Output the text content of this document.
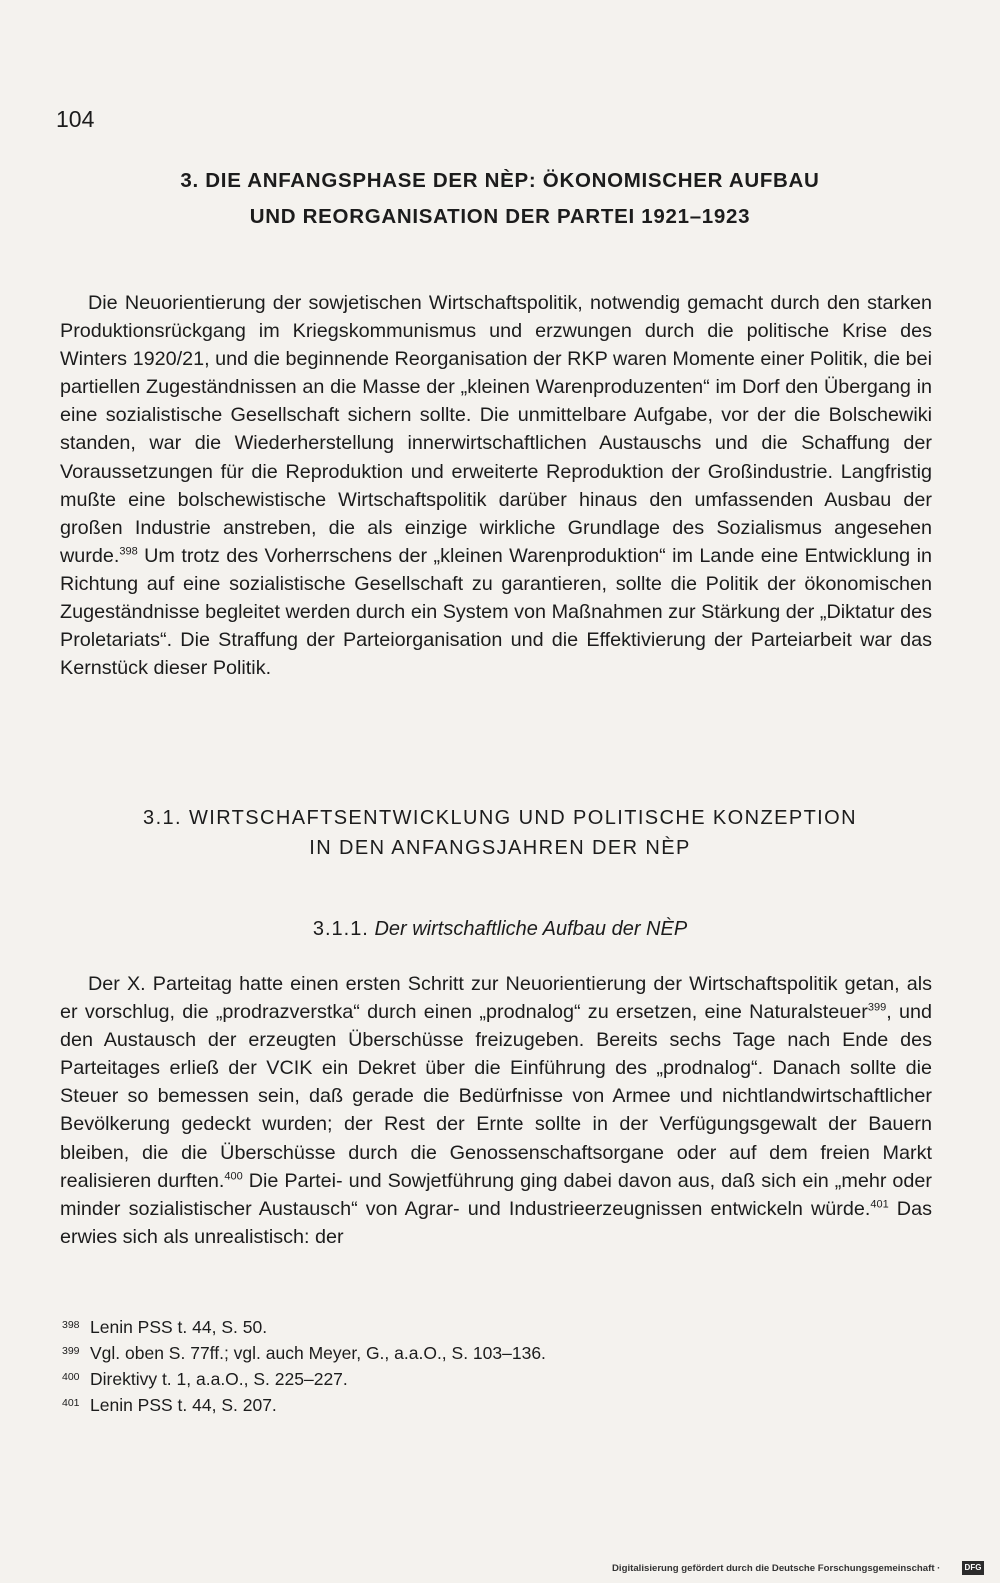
104
3. DIE ANFANGSPHASE DER NÈP: ÖKONOMISCHER AUFBAU
UND REORGANISATION DER PARTEI 1921–1923

Die Neuorientierung der sowjetischen Wirtschaftspolitik, notwendig gemacht durch den starken Produktionsrückgang im Kriegskommunismus und erzwungen durch die politische Krise des Winters 1920/21, und die beginnende Reorganisation der RKP waren Momente einer Politik, die bei partiellen Zugeständnissen an die Masse der „kleinen Warenproduzenten“ im Dorf den Übergang in eine sozialistische Gesellschaft sichern sollte. Die unmittelbare Aufgabe, vor der die Bolschewiki standen, war die Wiederherstellung innerwirtschaftlichen Austauschs und die Schaffung der Voraussetzungen für die Reproduktion und erweiterte Reproduktion der Großindustrie. Langfristig mußte eine bolschewistische Wirtschaftspolitik darüber hinaus den umfassenden Ausbau der großen Industrie anstreben, die als einzige wirkliche Grundlage des Sozialismus angesehen wurde.$^{398}$ Um trotz des Vorherrschens der „kleinen Warenproduktion“ im Lande eine Entwicklung in Richtung auf eine sozialistische Gesellschaft zu garantieren, sollte die Politik der ökonomischen Zugeständnisse begleitet werden durch ein System von Maßnahmen zur Stärkung der „Diktatur des Proletariats“. Die Straffung der Parteiorganisation und die Effektivierung der Parteiarbeit war das Kernstück dieser Politik.

3.1. WIRTSCHAFTSENTWICKLUNG UND POLITISCHE KONZEPTION
IN DEN ANFANGSJAHREN DER NÈP
3.1.1. Der wirtschaftliche Aufbau der NÈP

Der X. Parteitag hatte einen ersten Schritt zur Neuorientierung der Wirtschaftspolitik getan, als er vorschlug, die „prodrazverstka“ durch einen „prodnalog“ zu ersetzen, eine Naturalsteuer$^{399}$, und den Austausch der erzeugten Überschüsse freizugeben. Bereits sechs Tage nach Ende des Parteitages erließ der VCIK ein Dekret über die Einführung des „prodnalog“. Danach sollte die Steuer so bemessen sein, daß gerade die Bedürfnisse von Armee und nichtlandwirtschaftlicher Bevölkerung gedeckt wurden; der Rest der Ernte sollte in der Verfügungsgewalt der Bauern bleiben, die die Überschüsse durch die Genossenschaftsorgane oder auf dem freien Markt realisieren durften.$^{400}$ Die Partei- und Sowjetführung ging dabei davon aus, daß sich ein „mehr oder minder sozialistischer Austausch“ von Agrar- und Industrieerzeugnissen entwickeln würde.$^{401}$ Das erwies sich als unrealistisch: der

398 Lenin PSS t. 44, S. 50.
399 Vgl. oben S. 77ff.; vgl. auch Meyer, G., a.a.O., S. 103–136.
400 Direktivy t. 1, a.a.O., S. 225–227.
401 Lenin PSS t. 44, S. 207.
Digitalisierung gefördert durch die Deutsche Forschungsgemeinschaft ·	DFG
